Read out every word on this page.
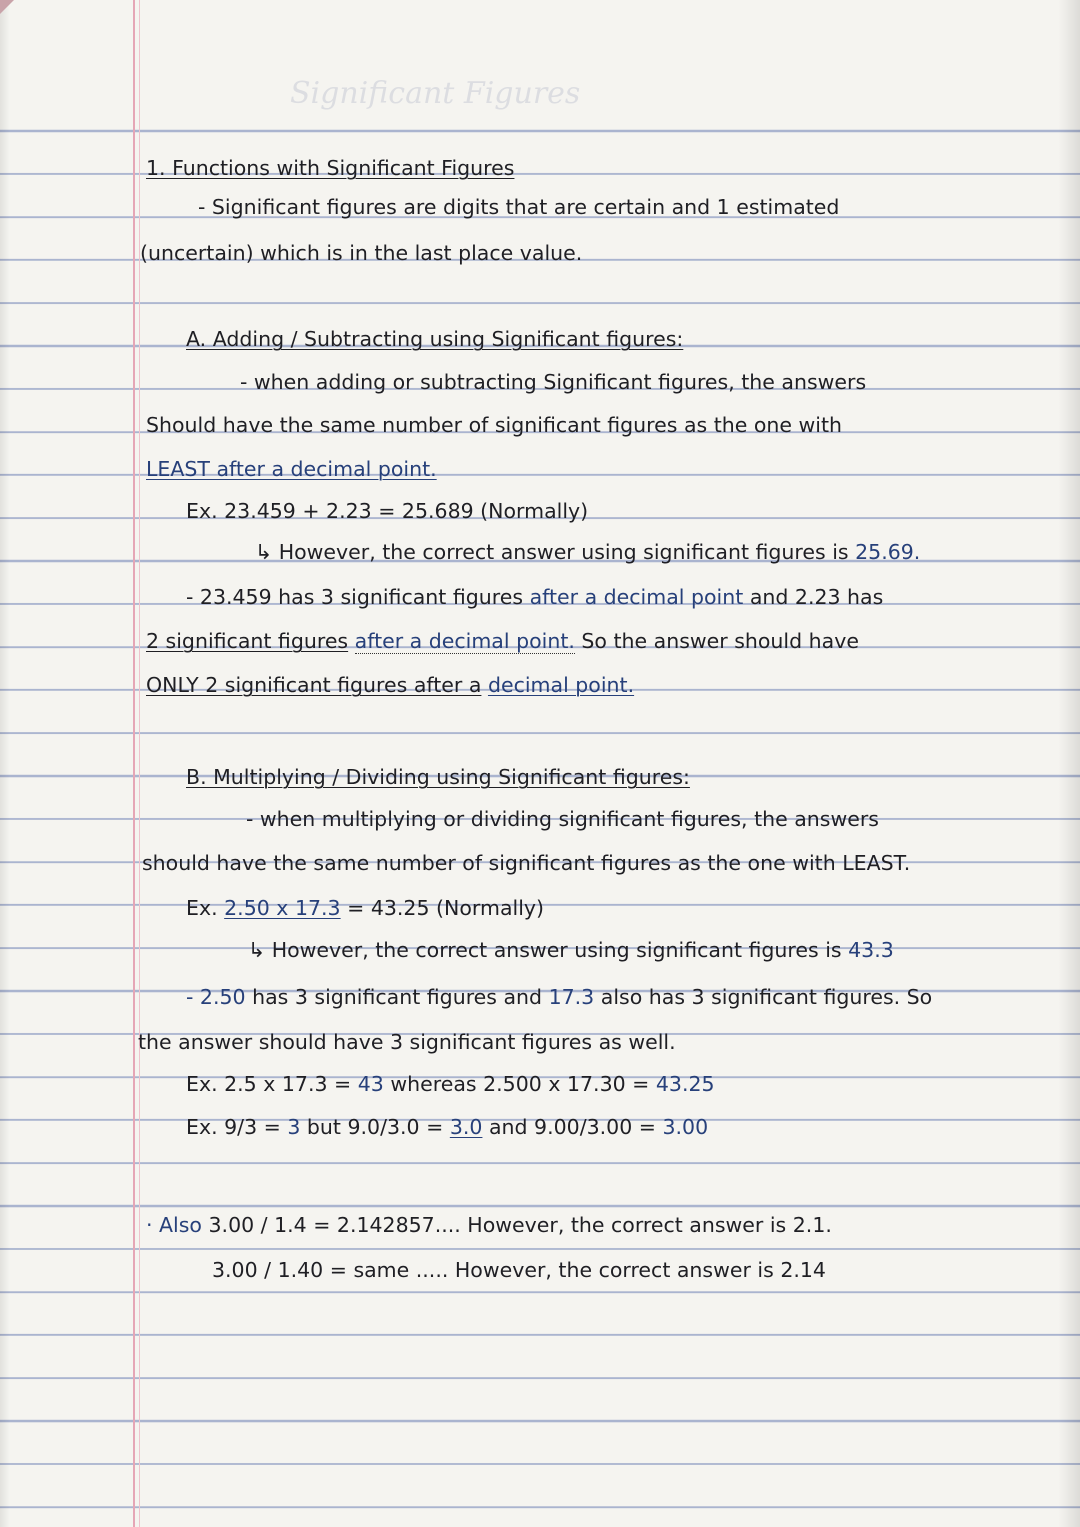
Significant Figures
1. Functions with Significant Figures
- Significant figures are digits that are certain and 1 estimated
(uncertain) which is in the last place value.
A. Adding / Subtracting using Significant figures:
- when adding or subtracting Significant figures, the answers
Should have the same number of significant figures as the one with
LEAST after a decimal point.
Ex. 23.459 + 2.23 = 25.689 (Normally)
↳ However, the correct answer using significant figures is 25.69.
- 23.459 has 3 significant figures after a decimal point and 2.23 has
2 significant figures after a decimal point. So the answer should have
ONLY 2 significant figures after a decimal point.
B. Multiplying / Dividing using Significant figures:
- when multiplying or dividing significant figures, the answers
should have the same number of significant figures as the one with LEAST.
Ex. 2.50 x 17.3 = 43.25 (Normally)
↳ However, the correct answer using significant figures is 43.3
- 2.50 has 3 significant figures and 17.3 also has 3 significant figures. So
the answer should have 3 significant figures as well.
Ex. 2.5 x 17.3 = 43 whereas 2.500 x 17.30 = 43.25
Ex. 9/3 = 3 but 9.0/3.0 = 3.0 and 9.00/3.00 = 3.00
· Also 3.00 / 1.4 = 2.142857.... However, the correct answer is 2.1.
3.00 / 1.40 = same ..... However, the correct answer is 2.14
